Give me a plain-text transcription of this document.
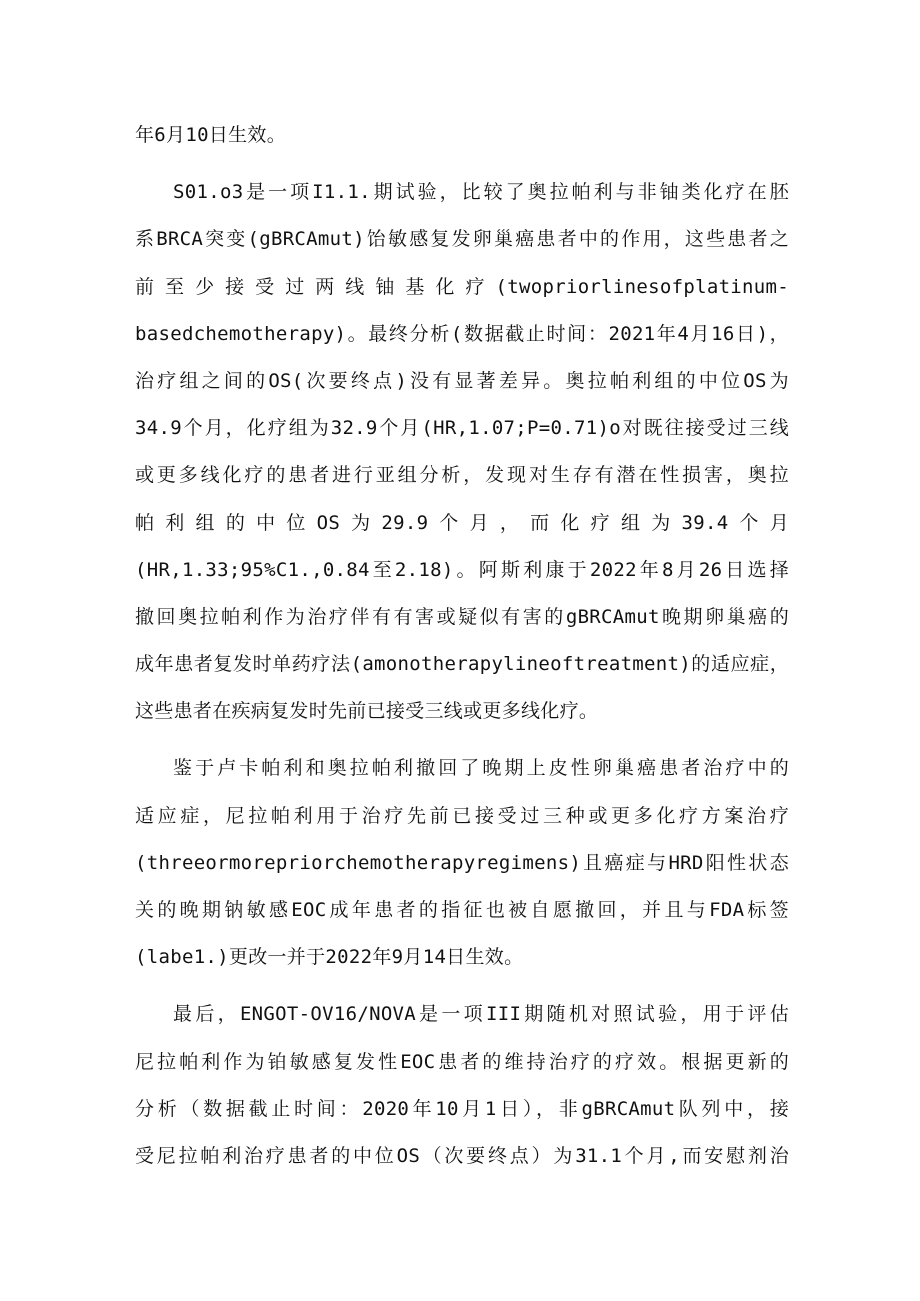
年6月10日生效。
S01.o3是一项I1.1.期试验，比较了奥拉帕利与非铀类化疗在胚
系BRCA突变(gBRCAmut)饴敏感复发卵巢癌患者中的作用，这些患者之
前至少接受过两线铀基化疗(twopriorlinesofplatinum-
basedchemotherapy)。最终分析(数据截止时间：2021年4月16日)，
治疗组之间的OS(次要终点)没有显著差异。奥拉帕利组的中位OS为
34.9个月，化疗组为32.9个月(HR,1.07;P=0.71)o对既往接受过三线
或更多线化疗的患者进行亚组分析，发现对生存有潜在性损害，奥拉
帕利组的中位OS为29.9个月，而化疗组为39.4个月
(HR,1.33;95%C1.,0.84至2.18)。阿斯利康于2022年8月26日选择
撤回奥拉帕利作为治疗伴有有害或疑似有害的gBRCAmut晚期卵巢癌的
成年患者复发时单药疗法(amonotherapylineoftreatment)的适应症，
这些患者在疾病复发时先前已接受三线或更多线化疗。
鉴于卢卡帕利和奥拉帕利撤回了晚期上皮性卵巢癌患者治疗中的
适应症，尼拉帕利用于治疗先前已接受过三种或更多化疗方案治疗
(threeormorepriorchemotherapyregimens)且癌症与HRD阳性状态
关的晚期钠敏感EOC成年患者的指征也被自愿撤回，并且与FDA标签
(labe1.)更改一并于2022年9月14日生效。
最后，ENGOT-OV16/NOVA是一项III期随机对照试验，用于评估
尼拉帕利作为铂敏感复发性EOC患者的维持治疗的疗效。根据更新的
分析（数据截止时间：2020年10月1日），非gBRCAmut队列中，接
受尼拉帕利治疗患者的中位OS（次要终点）为31.1个月,而安慰剂治
